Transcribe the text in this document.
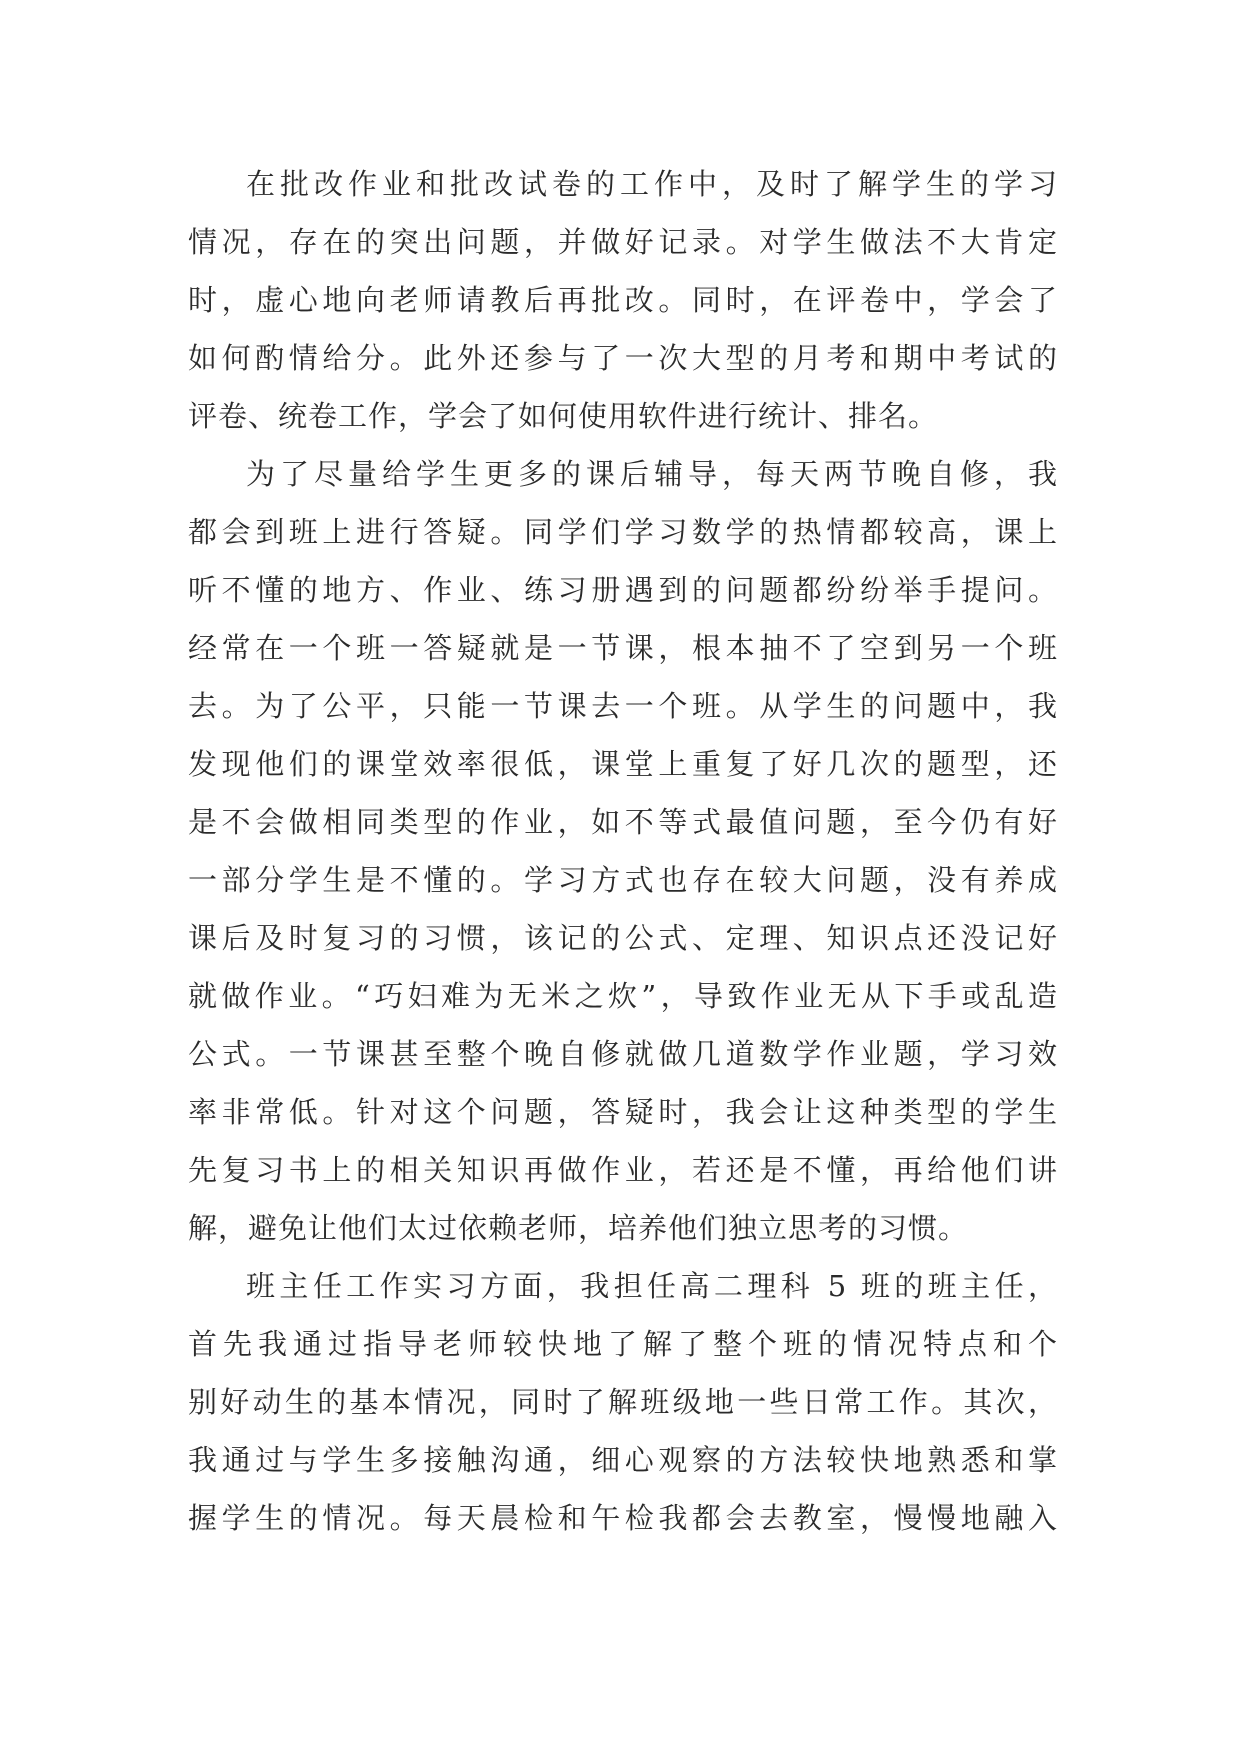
在批改作业和批改试卷的工作中，及时了解学生的学习
情况，存在的突出问题，并做好记录。对学生做法不大肯定
时，虚心地向老师请教后再批改。同时，在评卷中，学会了
如何酌情给分。此外还参与了一次大型的月考和期中考试的
评卷、统卷工作，学会了如何使用软件进行统计、排名。
为了尽量给学生更多的课后辅导，每天两节晚自修，我
都会到班上进行答疑。同学们学习数学的热情都较高，课上
听不懂的地方、作业、练习册遇到的问题都纷纷举手提问。
经常在一个班一答疑就是一节课，根本抽不了空到另一个班
去。为了公平，只能一节课去一个班。从学生的问题中，我
发现他们的课堂效率很低，课堂上重复了好几次的题型，还
是不会做相同类型的作业，如不等式最值问题，至今仍有好
一部分学生是不懂的。学习方式也存在较大问题，没有养成
课后及时复习的习惯，该记的公式、定理、知识点还没记好
就做作业。“巧妇难为无米之炊”，导致作业无从下手或乱造
公式。一节课甚至整个晚自修就做几道数学作业题，学习效
率非常低。针对这个问题，答疑时，我会让这种类型的学生
先复习书上的相关知识再做作业，若还是不懂，再给他们讲
解，避免让他们太过依赖老师，培养他们独立思考的习惯。
班主任工作实习方面，我担任高二理科 5 班的班主任，
首先我通过指导老师较快地了解了整个班的情况特点和个
别好动生的基本情况，同时了解班级地一些日常工作。其次，
我通过与学生多接触沟通，细心观察的方法较快地熟悉和掌
握学生的情况。每天晨检和午检我都会去教室，慢慢地融入
